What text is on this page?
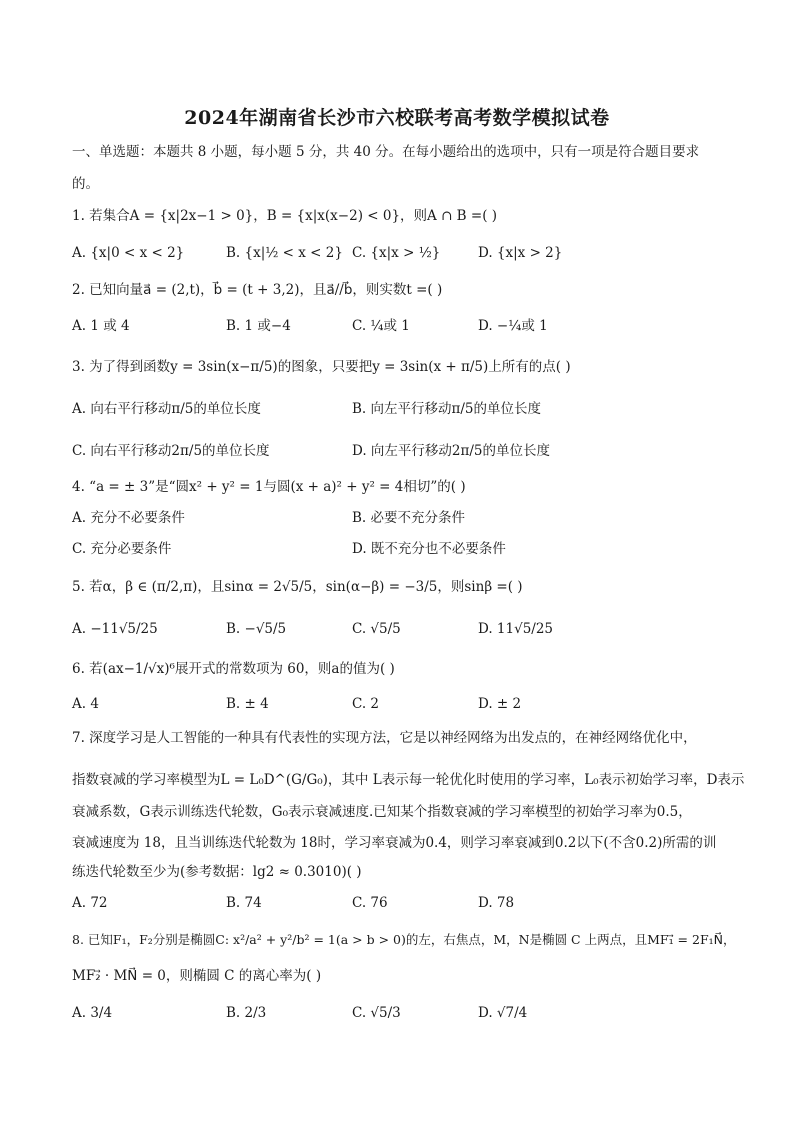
2024年湖南省长沙市六校联考高考数学模拟试卷
一、单选题：本题共 8 小题，每小题 5 分，共 40 分。在每小题给出的选项中，只有一项是符合题目要求
的。
1. 若集合A = {x|2x−1 > 0}，B = {x|x(x−2) < 0}，则A ∩ B =( )
A. {x|0 < x < 2}	B. {x|½ < x < 2} C. {x|x > ½}	D. {x|x > 2}
2. 已知向量a⃗ = (2,t)，b⃗ = (t + 3,2)，且a⃗//b⃗，则实数t =( )
A. 1 或 4	B. 1 或−4	C. ¼或 1	D. −¼或 1
3. 为了得到函数y = 3sin(x−π/5)的图象，只要把y = 3sin(x + π/5)上所有的点( )
A. 向右平行移动π/5的单位长度	B. 向左平行移动π/5的单位长度
C. 向右平行移动2π/5的单位长度	D. 向左平行移动2π/5的单位长度
4. “a = ± 3”是“圆x² + y² = 1与圆(x + a)² + y² = 4相切”的( )
A. 充分不必要条件	B. 必要不充分条件
C. 充分必要条件	D. 既不充分也不必要条件
5. 若α，β ∈ (π/2,π)，且sinα = 2√5/5，sin(α−β) = −3/5，则sinβ =( )
A. −11√5/25	B. −√5/5	C. √5/5	D. 11√5/25
6. 若(ax−1/√x)⁶展开式的常数项为 60，则a的值为( )
A. 4	B. ± 4	C. 2	D. ± 2
7. 深度学习是人工智能的一种具有代表性的实现方法，它是以神经网络为出发点的，在神经网络优化中，
指数衰减的学习率模型为L = L₀D^(G/G₀)，其中 L表示每一轮优化时使用的学习率，L₀表示初始学习率，D表示
衰减系数，G表示训练迭代轮数，G₀表示衰减速度.已知某个指数衰减的学习率模型的初始学习率为0.5，
衰减速度为 18，且当训练迭代轮数为 18时，学习率衰减为0.4，则学习率衰减到0.2以下(不含0.2)所需的训
练迭代轮数至少为(参考数据：lg2 ≈ 0.3010)( )
A. 72	B. 74	C. 76	D. 78
8. 已知F₁，F₂分别是椭圆C: x²/a² + y²/b² = 1(a > b > 0)的左，右焦点，M，N是椭圆 C 上两点，且MF₁⃗ = 2F₁N⃗，
MF₂⃗ · MN⃗ = 0，则椭圆 C 的离心率为( )
A. 3/4	B. 2/3	C. √5/3	D. √7/4
